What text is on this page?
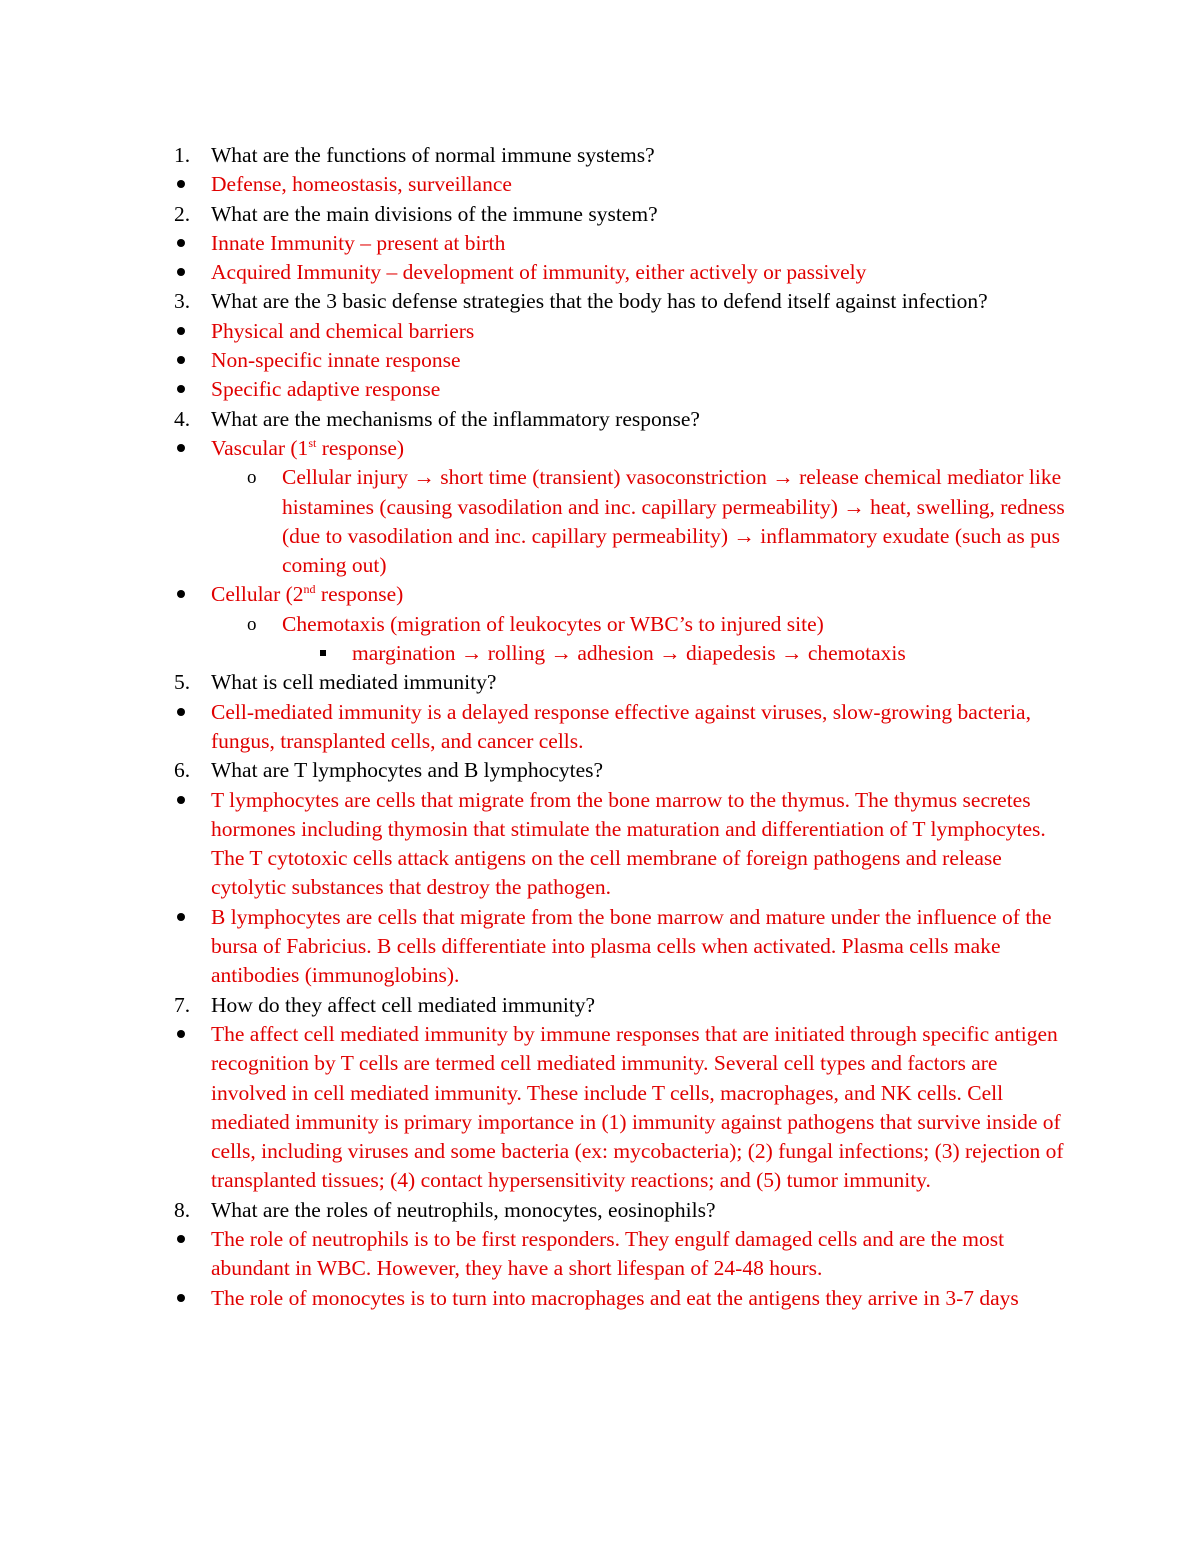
1. What are the functions of normal immune systems?
Defense, homeostasis, surveillance
2. What are the main divisions of the immune system?
Innate Immunity – present at birth
Acquired Immunity – development of immunity, either actively or passively
3. What are the 3 basic defense strategies that the body has to defend itself against infection?
Physical and chemical barriers
Non-specific innate response
Specific adaptive response
4. What are the mechanisms of the inflammatory response?
Vascular (1st response)
o Cellular injury → short time (transient) vasoconstriction → release chemical mediator like histamines (causing vasodilation and inc. capillary permeability) → heat, swelling, redness (due to vasodilation and inc. capillary permeability) → inflammatory exudate (such as pus coming out)
Cellular (2nd response)
o Chemotaxis (migration of leukocytes or WBC’s to injured site)
margination → rolling → adhesion → diapedesis → chemotaxis
5. What is cell mediated immunity?
Cell-mediated immunity is a delayed response effective against viruses, slow-growing bacteria, fungus, transplanted cells, and cancer cells.
6. What are T lymphocytes and B lymphocytes?
T lymphocytes are cells that migrate from the bone marrow to the thymus. The thymus secretes hormones including thymosin that stimulate the maturation and differentiation of T lymphocytes. The T cytotoxic cells attack antigens on the cell membrane of foreign pathogens and release cytolytic substances that destroy the pathogen.
B lymphocytes are cells that migrate from the bone marrow and mature under the influence of the bursa of Fabricius. B cells differentiate into plasma cells when activated. Plasma cells make antibodies (immunoglobins).
7. How do they affect cell mediated immunity?
The affect cell mediated immunity by immune responses that are initiated through specific antigen recognition by T cells are termed cell mediated immunity. Several cell types and factors are involved in cell mediated immunity. These include T cells, macrophages, and NK cells. Cell mediated immunity is primary importance in (1) immunity against pathogens that survive inside of cells, including viruses and some bacteria (ex: mycobacteria); (2) fungal infections; (3) rejection of transplanted tissues; (4) contact hypersensitivity reactions; and (5) tumor immunity.
8. What are the roles of neutrophils, monocytes, eosinophils?
The role of neutrophils is to be first responders. They engulf damaged cells and are the most abundant in WBC. However, they have a short lifespan of 24-48 hours.
The role of monocytes is to turn into macrophages and eat the antigens they arrive in 3-7 days
